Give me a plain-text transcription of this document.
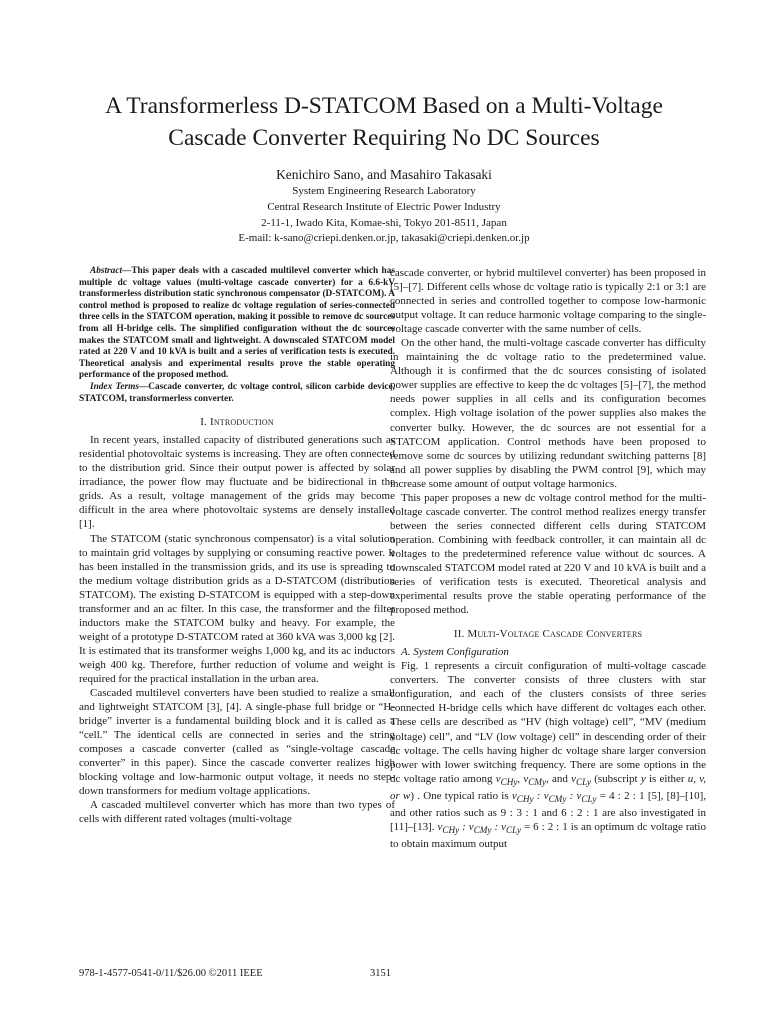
A Transformerless D-STATCOM Based on a Multi-Voltage
Cascade Converter Requiring No DC Sources
Kenichiro Sano, and Masahiro Takasaki
System Engineering Research Laboratory
Central Research Institute of Electric Power Industry
2-11-1, Iwado Kita, Komae-shi, Tokyo 201-8511, Japan
E-mail: k-sano@criepi.denken.or.jp, takasaki@criepi.denken.or.jp

Abstract—This paper deals with a cascaded multilevel converter which has multiple dc voltage values (multi-voltage cascade converter) for a 6.6-kV transformerless distribution static synchronous compensator (D-STATCOM). A control method is proposed to realize dc voltage regulation of series-connected three cells in the STATCOM operation, making it possible to remove dc sources from all H-bridge cells. The simplified configuration without the dc sources makes the STATCOM small and lightweight. A downscaled STATCOM model rated at 220 V and 10 kVA is built and a series of verification tests is executed. Theoretical analysis and experimental results prove the stable operating performance of the proposed method.

Index Terms—Cascade converter, dc voltage control, silicon carbide device, STATCOM, transformerless converter.

I. Introduction

In recent years, installed capacity of distributed generations such as residential photovoltaic systems is increasing. They are often connected to the distribution grid. Since their output power is affected by solar irradiance, the power flow may fluctuate and be bidirectional in the grids. As a result, voltage management of the grids may become difficult in the area where photovoltaic systems are densely installed [1].

The STATCOM (static synchronous compensator) is a vital solution to maintain grid voltages by supplying or consuming reactive power. It has been installed in the transmission grids, and its use is spreading to the medium voltage distribution grids as a D-STATCOM (distribution STATCOM). The existing D-STATCOM is equipped with a step-down transformer and an ac filter. In this case, the transformer and the filter inductors make the STATCOM bulky and heavy. For example, the weight of a prototype D-STATCOM rated at 360 kVA was 3,000 kg [2]. It is estimated that its transformer weighs 1,000 kg, and its ac inductors weigh 400 kg. Therefore, further reduction of volume and weight is required for the practical installation in the urban area.

Cascaded multilevel converters have been studied to realize a small and lightweight STATCOM [3], [4]. A single-phase full bridge or “H-bridge” inverter is a fundamental building block and it is called as a “cell.” The identical cells are connected in series and the string composes a cascade converter (called as “single-voltage cascade converter” in this paper). Since the cascade converter realizes high blocking voltage and low-harmonic output voltage, it needs no step-down transformers for medium voltage applications.

A cascaded multilevel converter which has more than two types of cells with different rated voltages (multi-voltage

cascade converter, or hybrid multilevel converter) has been proposed in [5]–[7]. Different cells whose dc voltage ratio is typically 2:1 or 3:1 are connected in series and controlled together to compose low-harmonic output voltage. It can reduce harmonic voltage comparing to the single-voltage cascade converter with the same number of cells.

On the other hand, the multi-voltage cascade converter has difficulty in maintaining the dc voltage ratio to the predetermined value. Although it is confirmed that the dc sources consisting of isolated power supplies are effective to keep the dc voltages [5]–[7], the method needs power supplies in all cells and its configuration becomes complex. High voltage isolation of the power supplies also makes the converter bulky. However, the dc sources are not essential for a STATCOM application. Control methods have been proposed to remove some dc sources by utilizing redundant switching patterns [8] and all power supplies by disabling the PWM control [9], which may increase some amount of output voltage harmonics.

This paper proposes a new dc voltage control method for the multi-voltage cascade converter. The control method realizes energy transfer between the series connected different cells during STATCOM operation. Combining with feedback controller, it can maintain all dc voltages to the predetermined reference value without dc sources. A downscaled STATCOM model rated at 220 V and 10 kVA is built and a series of verification tests is executed. Theoretical analysis and experimental results prove the stable operating performance of the proposed method.

II. Multi-Voltage Cascade Converters

A. System Configuration

Fig. 1 represents a circuit configuration of multi-voltage cascade converters. The converter consists of three clusters with star configuration, and each of the clusters consists of three series connected H-bridge cells which have different dc voltages each other. These cells are described as “HV (high voltage) cell”, “MV (medium voltage) cell”, and “LV (low voltage) cell” in descending order of their dc voltage. The cells having higher dc voltage share larger conversion power with lower switching frequency. There are some options in the dc voltage ratio among $v_{CHy}$, $v_{CMy}$, and $v_{CLy}$ (subscript y is either u, v, or w) . One typical ratio is $v_{CHy}$ : $v_{CMy}$ : $v_{CLy} = 4$ : 2 : 1 [5], [8]–[10], and other ratios such as 9 : 3 : 1 and 6 : 2 : 1 are also investigated in [11]–[13]. $v_{CHy}$ : $v_{CMy}$ : $v_{CLy} = 6$ : 2 : 1 is an optimum dc voltage ratio to obtain maximum output

978-1-4577-0541-0/11/$26.00 ©2011 IEEE	3151
